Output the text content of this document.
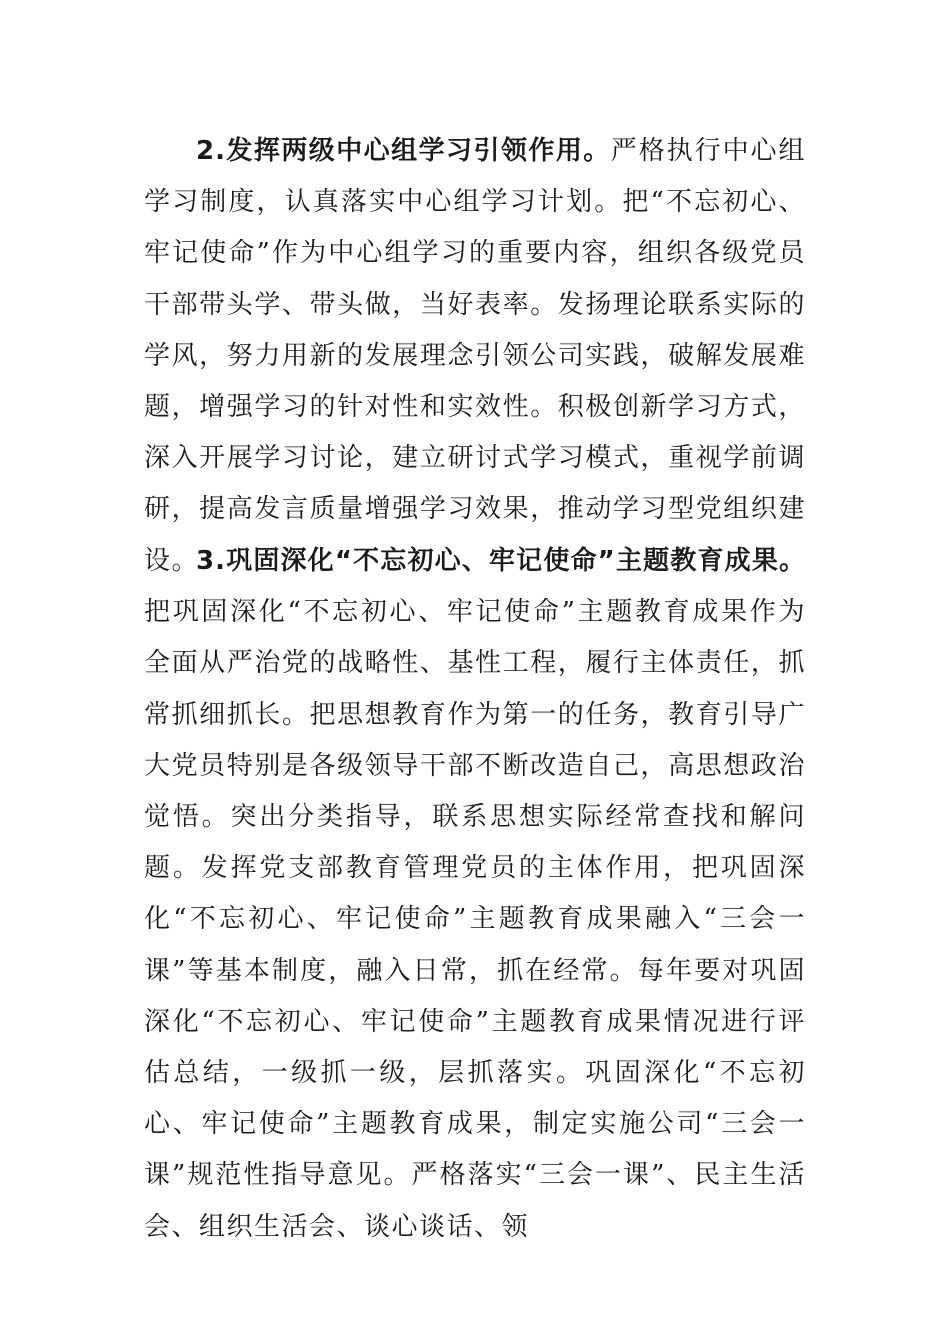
2.发挥两级中心组学习引领作用。严格执行中心组学习制度，认真落实中心组学习计划。把“不忘初心、牢记使命”作为中心组学习的重要内容，组织各级党员干部带头学、带头做，当好表率。发扬理论联系实际的学风，努力用新的发展理念引领公司实践，破解发展难题，增强学习的针对性和实效性。积极创新学习方式，深入开展学习讨论，建立研讨式学习模式，重视学前调研，提高发言质量增强学习效果，推动学习型党组织建设。

3.巩固深化“不忘初心、牢记使命”主题教育成果。把巩固深化“不忘初心、牢记使命”主题教育成果作为全面从严治党的战略性、基性工程，履行主体责任，抓常抓细抓长。把思想教育作为第一的任务，教育引导广大党员特别是各级领导干部不断改造自己，高思想政治觉悟。突出分类指导，联系思想实际经常查找和解问题。发挥党支部教育管理党员的主体作用，把巩固深化“不忘初心、牢记使命”主题教育成果融入“三会一课”等基本制度，融入日常，抓在经常。每年要对巩固深化“不忘初心、牢记使命”主题教育成果情况进行评估总结，一级抓一级，层抓落实。巩固深化“不忘初心、牢记使命”主题教育成果，制定实施公司“三会一课”规范性指导意见。严格落实“三会一课”、民主生活会、组织生活会、谈心谈话、领
